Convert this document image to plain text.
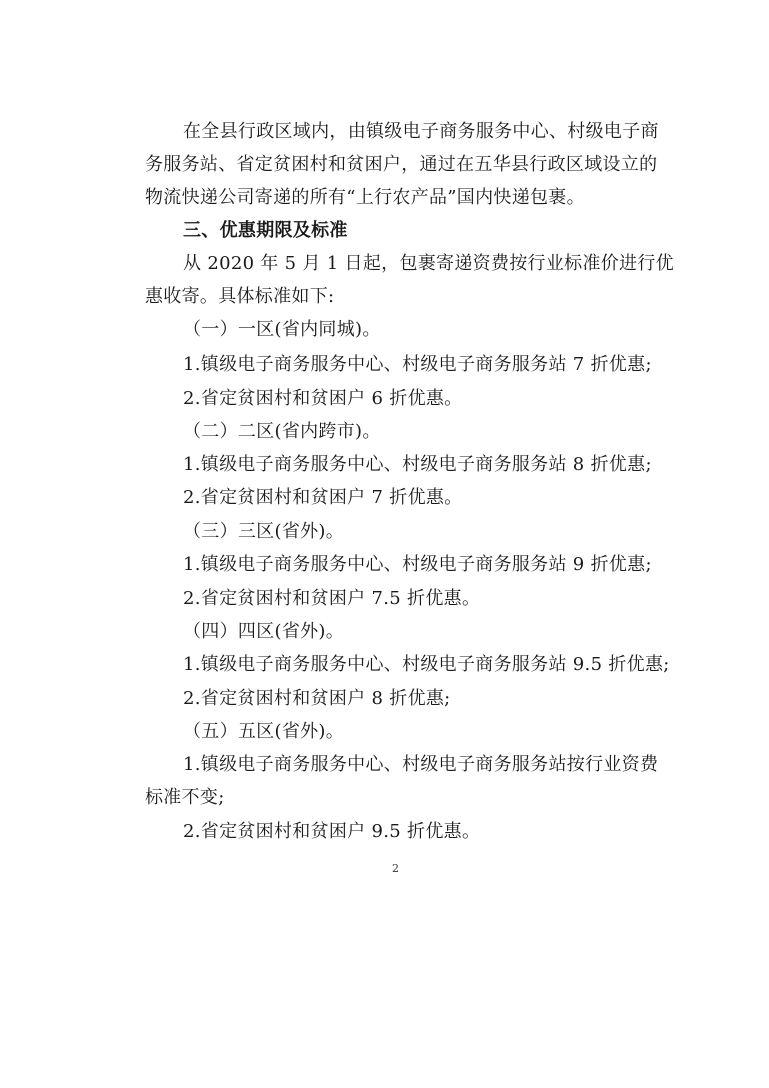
在全县行政区域内，由镇级电子商务服务中心、村级电子商
务服务站、省定贫困村和贫困户，通过在五华县行政区域设立的
物流快递公司寄递的所有“上行农产品”国内快递包裹。
三、优惠期限及标准
从 2020 年 5 月 1 日起，包裹寄递资费按行业标准价进行优
惠收寄。具体标准如下:
（一）一区(省内同城)。
1.镇级电子商务服务中心、村级电子商务服务站 7 折优惠;
2.省定贫困村和贫困户 6 折优惠。
（二）二区(省内跨市)。
1.镇级电子商务服务中心、村级电子商务服务站 8 折优惠;
2.省定贫困村和贫困户 7 折优惠。
（三）三区(省外)。
1.镇级电子商务服务中心、村级电子商务服务站 9 折优惠;
2.省定贫困村和贫困户 7.5 折优惠。
（四）四区(省外)。
1.镇级电子商务服务中心、村级电子商务服务站 9.5 折优惠;
2.省定贫困村和贫困户 8 折优惠;
（五）五区(省外)。
1.镇级电子商务服务中心、村级电子商务服务站按行业资费
标准不变;
2.省定贫困村和贫困户 9.5 折优惠。
2
